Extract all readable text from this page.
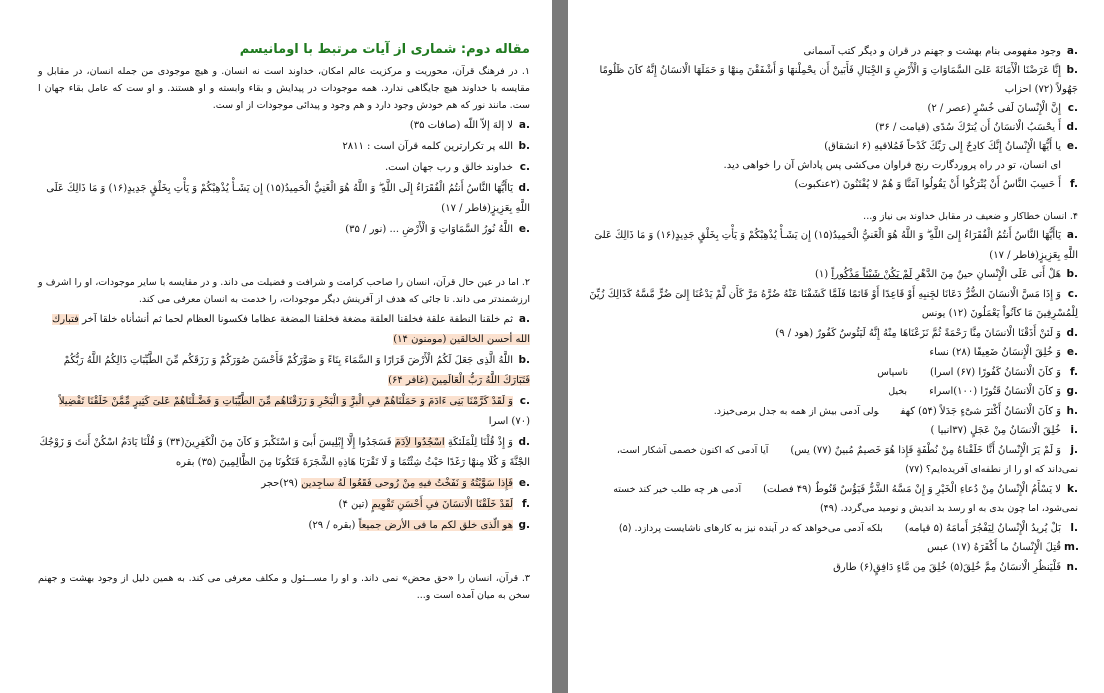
مقاله دوم: شماری از آیات مرتبط با اومانیسم
۱. در فرهنگ قرآن، محوریت و مرکزیت عالم امکان، خداوند است نه انسان. و هیچ موجودی من جمله انسان، در مقابل و مقایسه با خداوند هیچ جایگاهی ندارد. همه موجودات در پیدایش و بقاء وابسته و او هستند. و او ست که عامل بقاء جهان ا ست. مانند نور که هم خودش وجود دارد و هم وجود و پیدائی موجودات از او ست.
a.لا إلهَ إلاّ اللّه (صافات ۳۵)
b.الله پر تکرارترین کلمه قرآن است : ۲۸۱۱
c.خداوند خالق و رب جهان است.
d.يَاأَيُّهَا النَّاسُ أَنتُمُ الْفُقَرَاءُ إِلَى اللَّهِ ۖ وَ اللَّهُ هُوَ الْغَنِيُّ الْحَمِيدُ(۱۵) إِن يَشَـأْ يُذْهِبْكُمْ وَ يَأْتِ بِخَلْقٍ جَدِيدٍ(۱۶) وَ مَا ذَالِكَ عَلَى اللَّهِ بِعَزِيزٍ(فاطر / ۱۷)
e.اللَّهُ نُورُ السَّمَاوَاتِ وَ الْأَرْضِ ... (نور / ۳۵)
۲. اما در عین حال قرآن، انسان را صاحب کرامت و شرافت و فضیلت می داند. و در مقایسه با سایر موجودات، او را اشرف و ارزشمندتر می داند. تا جائی که هدف از آفرینش دیگر موجودات، را خدمت به انسان معرفی می کند.
a.ثم خلقنا النطفة علقة فخلقنا العلقة مضغة فخلقنا المضغة عظاما فكسونا العظام لحما ثم أنشأناه خلقا آخر فتبارك الله أحسن الخالقين (مومنون ۱۴)
b.اللَّهُ الَّذِى جَعَلَ لَكُمُ الْأَرْضَ قَرَارًا وَ السَّمَاءَ بِنَاءً وَ صَوَّرَكُمْ فَأَحْسَنَ صُوَرَكُمْ وَ رَزَقَكُم مِّنَ الطَّيِّبَاتِ ذَالِكُمُ اللَّهُ رَبُّكُمْ فَتَبَارَكَ اللَّهُ رَبُّ الْعَالَمِينَ (غافر ۶۴)
c.وَ لَقَدْ كَرَّمْنَا بَنِى ءَادَمَ وَ حَمَلْنَاهُمْ فىِ الْبرَِّ وَ الْبَحْرِ وَ رَزَقْنَاهُم مِّنَ الطَّيِّبَاتِ وَ فَضَّـلْنَاهُمْ عَلىَ كَثِيرٍ مِّمَّنْ خَلَقْنَا تَفْضِيلاً (۷۰) اسرا
d.وَ إِذْ قُلْنَا لِلْمَلَئكَةِ اسْجُدُوا لاَِدَمَ فَسَجَدُوا إِلَّا إِبْلِيسَ أَبىَ‏ وَ اسْتَكْبرََ وَ كاَنَ مِنَ الْكَفِرِينَ(۳۴) وَ قُلْنَا يَادَمُ اسْكُنْ أَنتَ وَ زَوْجُكَ الجَْنَّةَ وَ كُلَا مِنهَْا رَغَدًا حَيْثُ شِئْتُمَا وَ لَا تَقْرَبَا هَاذِهِ الشَّجَرَةَ فَتَكُونَا مِنَ الظَّالِمِينَ (۳۵) بقره
e.فَإِذا سَوَّيْتُهُ وَ نَفَخْتُ فيهِ مِنْ رُوحى فَقَعُوا لَهُ ساجِدين (۲۹)حجر
f.لَقَدْ خَلَقْنَا الْانسَانَ فىِ أَحْسَنِ تَقْوِيمٍ (تین ۴)
g.هو الّذی خلق لكم ما فی الأرض جميعاً (بقره / ۲۹)
۳. قرآن، انسان را «حق محض» نمی داند. و او را مســـئول و مکلف معرفی می کند. به همین دلیل از وجود بهشت و جهنم سخن به میان آمده است و...
a.وجود مفهومی بنام بهشت و جهنم در قران و دیگر کتب آسمانی
b.إِنَّا عَرَضْنَا الْأَمَانَةَ عَلىَ السَّمَاوَاتِ وَ الْأَرْضِ وَ الجِْبَالِ فَأَبَينَْ أَن يحَْمِلْنهََا وَ أَشْفَقْنَ مِنهَْا وَ حَمَلَهَا الْانسَانُ إِنَّهُ كاَنَ ظَلُومًا جَهُولاً (۷۲) احزاب
c.إِنَّ الْإِنْسانَ لَفى‏ خُسْرٍ (عصر / ۲)
d.أَ يحَْسَبُ الْانسَانُ أَن يُترَْكَ سُدًى (قیامت / ۳۶)
e.يا أَيُّهَا الْإِنْسانُ إِنَّكَ كادِحٌ إِلى‏ رَبِّكَ كَدْحاً فَمُلاقيهِ (۶ انشقاق)
ای انسان، تو در راه پروردگارت رنج فراوان می‌کشی پس پاداش آن را خواهی دید.
f.أَ حَسِبَ النَّاسُ أَنْ يُتْرَكُوا أَنْ يَقُولُوا آمَنَّا وَ هُمْ لا يُفْتَنُونَ (۲عنکبوت)
۴. انسان خطاکار و ضعیف در مقابل خداوند بی نیاز و...
a.يَاأَيُّهَا النَّاسُ أَنتُمُ الْفُقَرَاءُ إِلىَ اللَّهِ ۖ وَ اللَّهُ هُوَ الْغَنىُِّ الْحَمِيدُ(۱۵) إِن يَشَـأْ يُذْهِبْكُمْ وَ يَأْتِ بِخَلْقٍ جَدِيدٍ(۱۶) وَ مَا ذَالِكَ عَلىَ اللَّهِ بِعَزِيزٍ(فاطر / ۱۷)
b.هَلْ أَتى‏ عَلَى الْإِنْسانِ حينٌ مِنَ الدَّهْرِ لَمْ يَكُنْ شَيْئاً مَذْكُوراً (۱)
c.وَ إِذَا مَسَّ الْانسَانَ الضُّرُّ دَعَانَا لجَِنبِهِ أَوْ قَاعِدًا أَوْ قَائمًا فَلَمَّا كَشَفْنَا عَنْهُ ضُرَّهُ مَرَّ كَأَن لَّمْ يَدْعُنَا إِلىَ‏ ضُرٍّ مَّسَّهُ كَذَالِكَ زُيِّنَ لِلْمُسْرِفِينَ مَا كاَنُواْ يَعْمَلُونَ (۱۲) یونس
d.وَ لَئنْ أَذَقْنَا الْانسَانَ مِنَّا رَحْمَةً ثُمَّ نَزَعْنَاهَا مِنْهُ إِنَّهُ لَيَئُوسٌ كَفُورٌ (هود / ۹)
e.وَ خُلِقَ الْإِنسَانُ ضَعِيفًا (۲۸) نساء
f.وَ كاَنَ الْانسَانُ كَفُورًا (۶۷) اسرا)ناسپاس
g.وَ كاَنَ الْانسَانُ قَتُورًا (۱۰۰)اسراءبخیل
h.وَ كاَنَ الْانسَانُ أَكْثرََ شىَ‏ْءٍ جَدَلاً (۵۴) کهفولی آدمی بیش از همه به جدل برمی‌خیزد.
i.خُلِقَ الْانسَانُ مِنْ عَجَلٍ (۳۷انبیا )
j.وَ لَمْ يَرَ الْإِنْسانُ أَنَّا خَلَقْناهُ مِنْ نُطْفَةٍ فَإِذا هُوَ خَصيمٌ مُبينٌ (۷۷) يس)آیا آدمی که اکنون خصمی آشکار است، نمی‌داند که او را از نطفه‌ای آفریده‌ایم؟ (۷۷)
k.لا يَسْأَمُ الْإِنْسانُ مِنْ دُعاءِ الْخَيْرِ وَ إِنْ مَسَّهُ الشَّرُّ فَيَؤُسٌ قَنُوطٌ (۴۹ فصلت)آدمی هر چه طلب خیر کند خسته نمی‌شود، اما چون بدی به او رسد بد اندیش و نومید می‌گردد. (۴۹)
l.بَلْ يُريدُ الْإِنْسانُ لِيَفْجُرَ أَمامَهُ (۵ قیامه)بلكه آدمی می‌خواهد كه در آینده نیز به كارهای ناشایست پردازد. (۵)
m.قُتِلَ الْإِنْسانُ ما أَكْفَرَهُ (۱۷) عبس
n.فَلْيَنظُرِ الْانسَانُ مِمَّ خُلِقَ(۵) خُلِقَ مِن مَّاءٍ دَافِقٍ(۶) طارق
